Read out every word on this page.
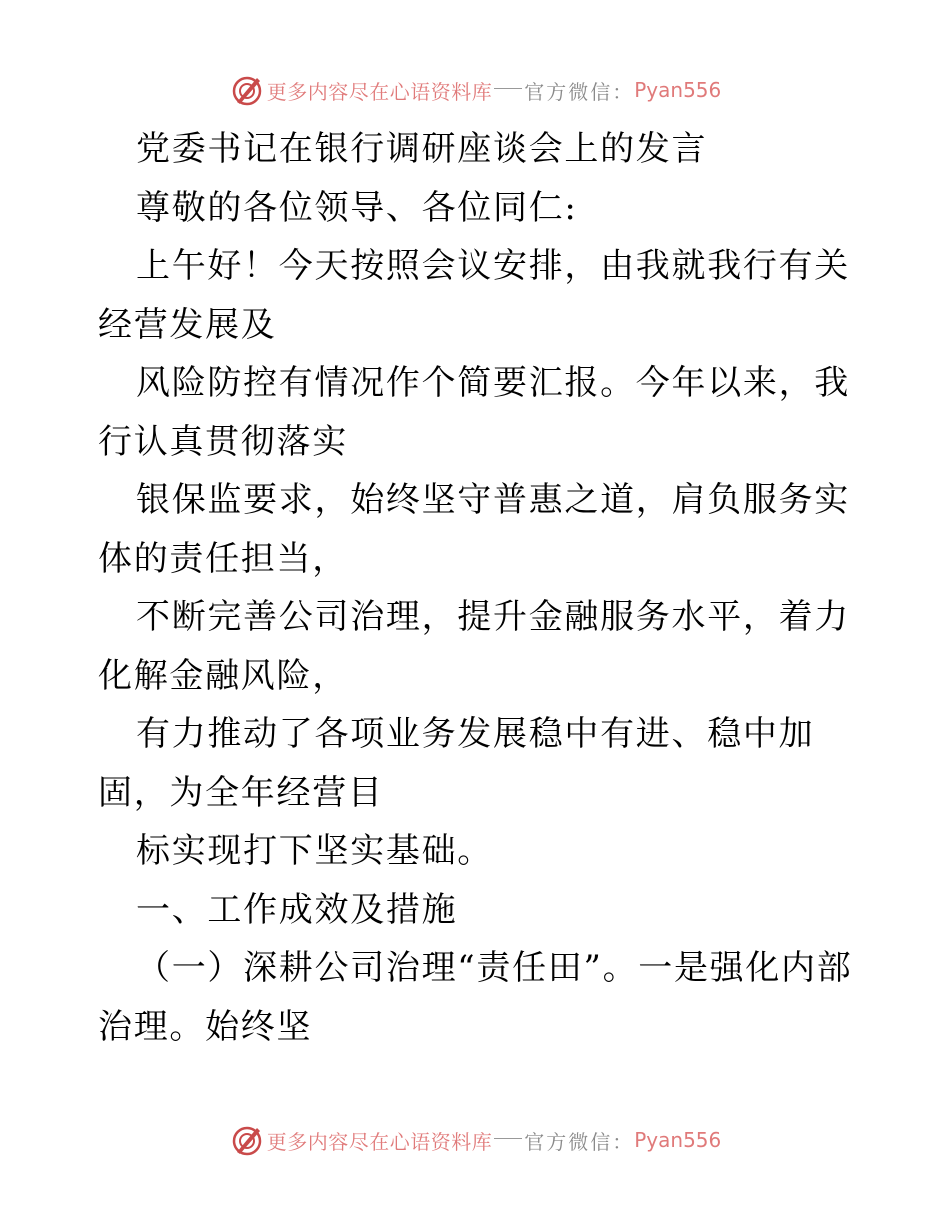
更多内容尽在心语资料库 官方微信： Pyan556

党委书记在银行调研座谈会上的发言

尊敬的各位领导、各位同仁:

上午好！今天按照会议安排，由我就我行有关经营发展及

风险防控有情况作个简要汇报。今年以来，我行认真贯彻落实

银保监要求，始终坚守普惠之道，肩负服务实体的责任担当，

不断完善公司治理，提升金融服务水平，着力化解金融风险，

有力推动了各项业务发展稳中有进、稳中加固，为全年经营目

标实现打下坚实基础。

一、工作成效及措施

（一）深耕公司治理“责任田”。一是强化内部治理。始终坚

更多内容尽在心语资料库 官方微信： Pyan556
